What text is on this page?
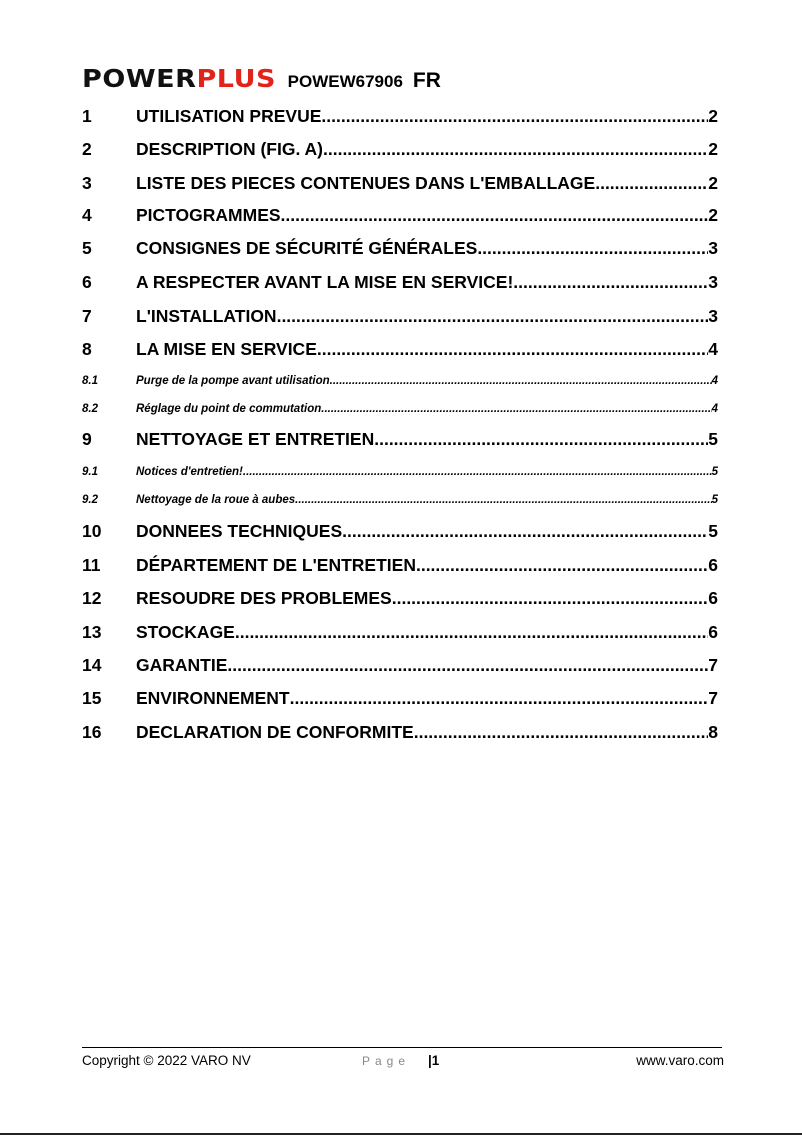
POWERPLUS POWEW67906 FR
1	UTILISATION PREVUE .....	2
2	DESCRIPTION (FIG. A) .....	2
3	LISTE DES PIECES CONTENUES DANS L'EMBALLAGE .....	2
4	PICTOGRAMMES .....	2
5	CONSIGNES DE SÉCURITÉ GÉNÉRALES .....	3
6	A RESPECTER AVANT LA MISE EN SERVICE! .....	3
7	L'INSTALLATION .....	3
8	LA MISE EN SERVICE .....	4
8.1	Purge de la pompe avant utilisation .....	4
8.2	Réglage du point de commutation .....	4
9	NETTOYAGE ET ENTRETIEN .....	5
9.1	Notices d'entretien! .....	5
9.2	Nettoyage de la roue à aubes .....	5
10	DONNEES TECHNIQUES .....	5
11	DÉPARTEMENT DE L'ENTRETIEN .....	6
12	RESOUDRE DES PROBLEMES .....	6
13	STOCKAGE .....	6
14	GARANTIE .....	7
15	ENVIRONNEMENT .....	7
16	DECLARATION DE CONFORMITE .....	8
Copyright © 2022 VARO NV	Page |1	www.varo.com
